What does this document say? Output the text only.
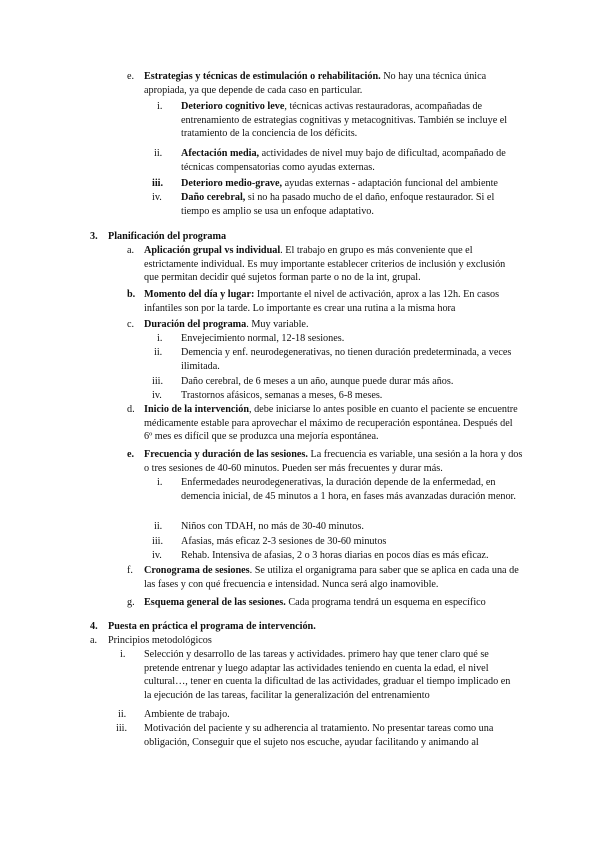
e. Estrategias y técnicas de estimulación o rehabilitación. No hay una técnica única apropiada, ya que depende de cada caso en particular.
i. Deterioro cognitivo leve, técnicas activas restauradoras, acompañadas de entrenamiento de estrategias cognitivas y metacognitivas. También se incluye el tratamiento de la conciencia de los déficits.
ii. Afectación media, actividades de nivel muy bajo de dificultad, acompañado de técnicas compensatorias como ayudas externas.
iii. Deterioro medio-grave, ayudas externas - adaptación funcional del ambiente
iv. Daño cerebral, si no ha pasado mucho de el daño, enfoque restaurador. Si el tiempo es amplio se usa un enfoque adaptativo.
3. Planificación del programa
a. Aplicación grupal vs individual. El trabajo en grupo es más conveniente que el estrictamente individual. Es muy importante establecer criterios de inclusión y exclusión que permitan decidir qué sujetos forman parte o no de la int, grupal.
b. Momento del día y lugar: Importante el nivel de activación, aprox a las 12h. En casos infantiles son por la tarde. Lo importante es crear una rutina a la misma hora
c. Duración del programa. Muy variable.
i. Envejecimiento normal, 12-18 sesiones.
ii. Demencia y enf. neurodegenerativas, no tienen duración predeterminada, a veces ilimitada.
iii. Daño cerebral, de 6 meses a un año, aunque puede durar más años.
iv. Trastornos afásicos, semanas a meses, 6-8 meses.
d. Inicio de la intervención, debe iniciarse lo antes posible en cuanto el paciente se encuentre médicamente estable para aprovechar el máximo de recuperación espontánea. Después del 6º mes es difícil que se produzca una mejoría espontánea.
e. Frecuencia y duración de las sesiones. La frecuencia es variable, una sesión a la hora y dos o tres sesiones de 40-60 minutos. Pueden ser más frecuentes y durar más.
i. Enfermedades neurodegenerativas, la duración depende de la enfermedad, en demencia inicial, de 45 minutos a 1 hora, en fases más avanzadas duración menor.
ii. Niños con TDAH, no más de 30-40 minutos.
iii. Afasias, más eficaz 2-3 sesiones de 30-60 minutos
iv. Rehab. Intensiva de afasias, 2 o 3 horas diarias en pocos días es más eficaz.
f. Cronograma de sesiones. Se utiliza el organigrama para saber que se aplica en cada una de las fases y con qué frecuencia e intensidad. Nunca será algo inamovible.
g. Esquema general de las sesiones. Cada programa tendrá un esquema en específico
4. Puesta en práctica el programa de intervención.
a. Principios metodológicos
i. Selección y desarrollo de las tareas y actividades. primero hay que tener claro qué se pretende entrenar y luego adaptar las actividades teniendo en cuenta la edad, el nivel cultural…, tener en cuenta la dificultad de las actividades, graduar el tiempo implicado en la ejecución de las tareas, facilitar la generalización del entrenamiento
ii. Ambiente de trabajo.
iii. Motivación del paciente y su adherencia al tratamiento. No presentar tareas como una obligación, Conseguir que el sujeto nos escuche, ayudar facilitando y animando al
